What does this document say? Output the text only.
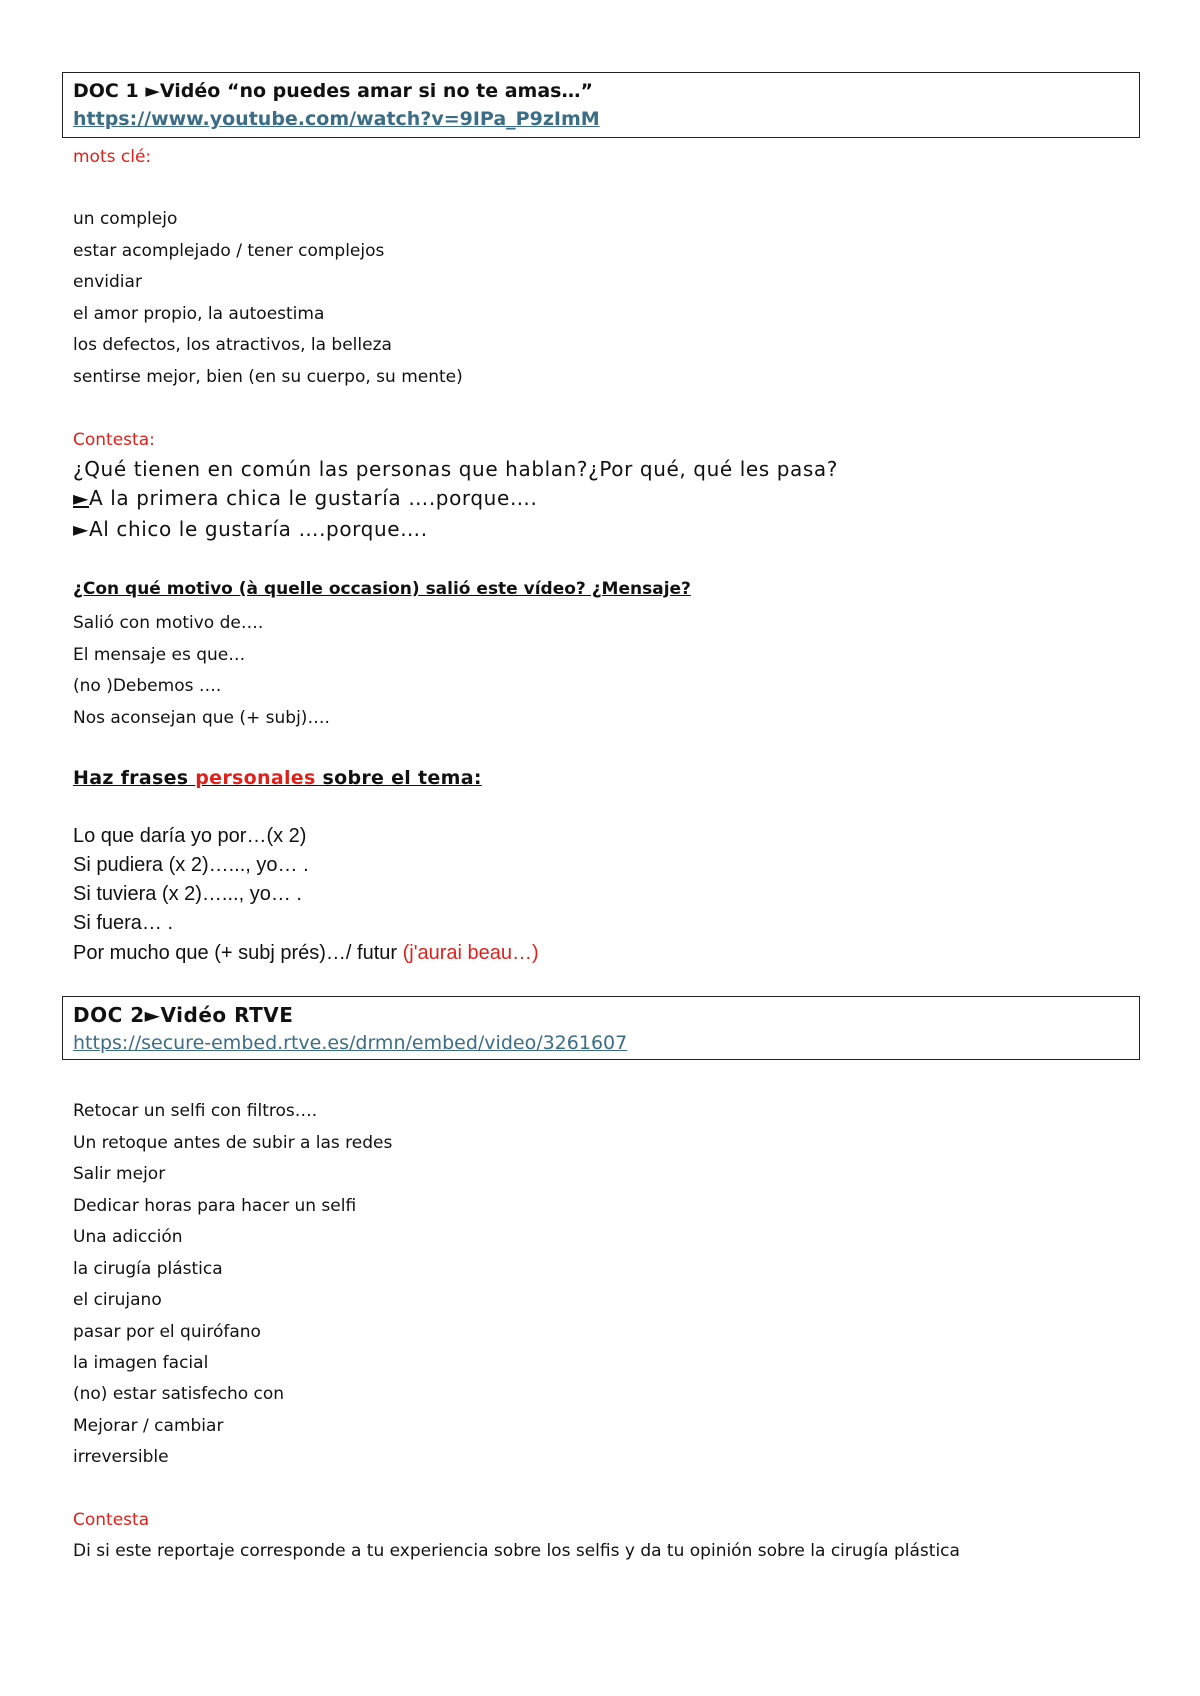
DOC 1 ►Vidéo “no puedes amar si no te amas…”
https://www.youtube.com/watch?v=9IPa_P9zImM
mots clé:
un complejo
estar acomplejado / tener complejos
envidiar
el amor propio, la autoestima
los defectos, los atractivos, la belleza
sentirse mejor, bien (en su cuerpo, su mente)
Contesta:
¿Qué tienen en común las personas que hablan?¿Por qué, qué les pasa?
►A la primera chica le gustaría ….porque….
►Al chico le gustaría ….porque….
¿Con qué motivo (à quelle occasion) salió este vídeo? ¿Mensaje?
Salió con motivo de….
El mensaje es que…
(no )Debemos ….
Nos aconsejan que (+ subj)….
Haz frases personales sobre el tema:
Lo que daría yo por…(x 2)
Si pudiera (x 2)…..., yo… .
Si tuviera (x 2)…..., yo… .
Si fuera… .
Por mucho que (+ subj prés)…/ futur (j'aurai beau…)
DOC 2►Vidéo RTVE
https://secure-embed.rtve.es/drmn/embed/video/3261607
Retocar un selfi con filtros….
Un retoque antes de subir a las redes
Salir mejor
Dedicar horas para hacer un selfi
Una adicción
la cirugía plástica
el cirujano
pasar por el quirófano
la imagen facial
(no) estar satisfecho con
Mejorar / cambiar
irreversible
Contesta
Di si este reportaje corresponde a tu experiencia sobre los selfis y da tu opinión sobre la cirugía plástica
